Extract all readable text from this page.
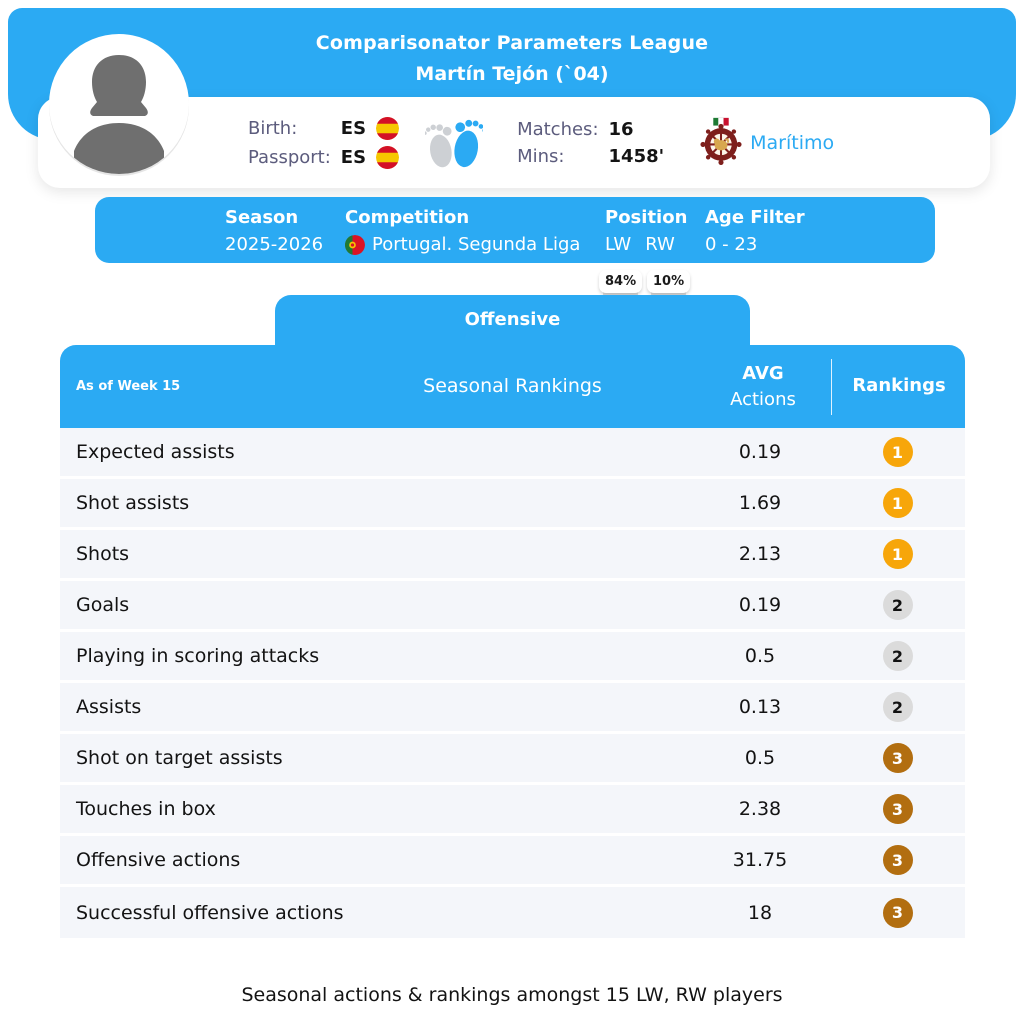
Comparisonator Parameters League
Martín Tejón (`04)
Birth:	ES
Passport: ES
Matches: 16
Mins:	1458'
Marítimo
Season
2025-2026
Competition
Portugal. Segunda Liga
Position
LW RW
84%	10%
Age Filter
0 - 23
Offensive
As of Week 15	Seasonal Rankings
AVG
Actions
Rankings
Expected assists	0.19	1
Shot assists	1.69	1
Shots	2.13	1
Goals	0.19	2
Playing in scoring attacks	0.5	2
Assists	0.13	2
Shot on target assists	0.5	3
Touches in box	2.38	3
Offensive actions	31.75	3
Successful offensive actions	18	3
Seasonal actions & rankings amongst 15 LW, RW players
